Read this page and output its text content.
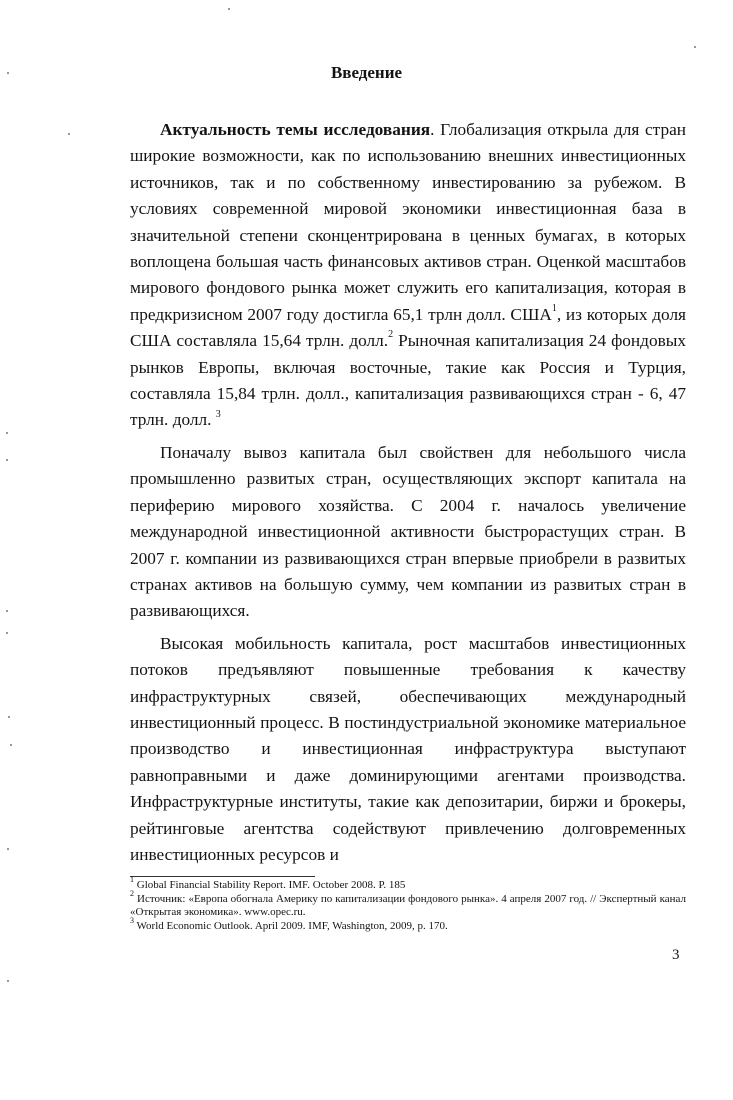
Введение

Актуальность темы исследования. Глобализация открыла для стран широкие возможности, как по использованию внешних инвестиционных источников, так и по собственному инвестированию за рубежом. В условиях современной мировой экономики инвестиционная база в значительной степени сконцентрирована в ценных бумагах, в которых воплощена большая часть финансовых активов стран. Оценкой масштабов мирового фондового рынка может служить его капитализация, которая в предкризисном 2007 году достигла 65,1 трлн долл. США$^1$, из которых доля США составляла 15,64 трлн. долл.$^2$ Рыночная капитализация 24 фондовых рынков Европы, включая восточные, такие как Россия и Турция, составляла 15,84 трлн. долл., капитализация развивающихся стран - 6, 47 трлн. долл. $^3$

Поначалу вывоз капитала был свойствен для небольшого числа промышленно развитых стран, осуществляющих экспорт капитала на периферию мирового хозяйства. С 2004 г. началось увеличение международной инвестиционной активности быстрорастущих стран. В 2007 г. компании из развивающихся стран впервые приобрели в развитых странах активов на большую сумму, чем компании из развитых стран в развивающихся.

Высокая мобильность капитала, рост масштабов инвестиционных потоков предъявляют повышенные требования к качеству инфраструктурных связей, обеспечивающих международный инвестиционный процесс. В постиндустриальной экономике материальное производство и инвестиционная инфраструктура выступают равноправными и даже доминирующими агентами производства. Инфраструктурные институты, такие как депозитарии, биржи и брокеры, рейтинговые агентства содействуют привлечению долговременных инвестиционных ресурсов и

$^1$ Global Financial Stability Report. IMF. October 2008. P. 185
$^2$ Источник: «Европа обогнала Америку по капитализации фондового рынка». 4 апреля 2007 год. // Экспертный канал «Открытая экономика». www.opec.ru.
$^3$ World Economic Outlook. April 2009. IMF, Washington, 2009, p. 170.
3
